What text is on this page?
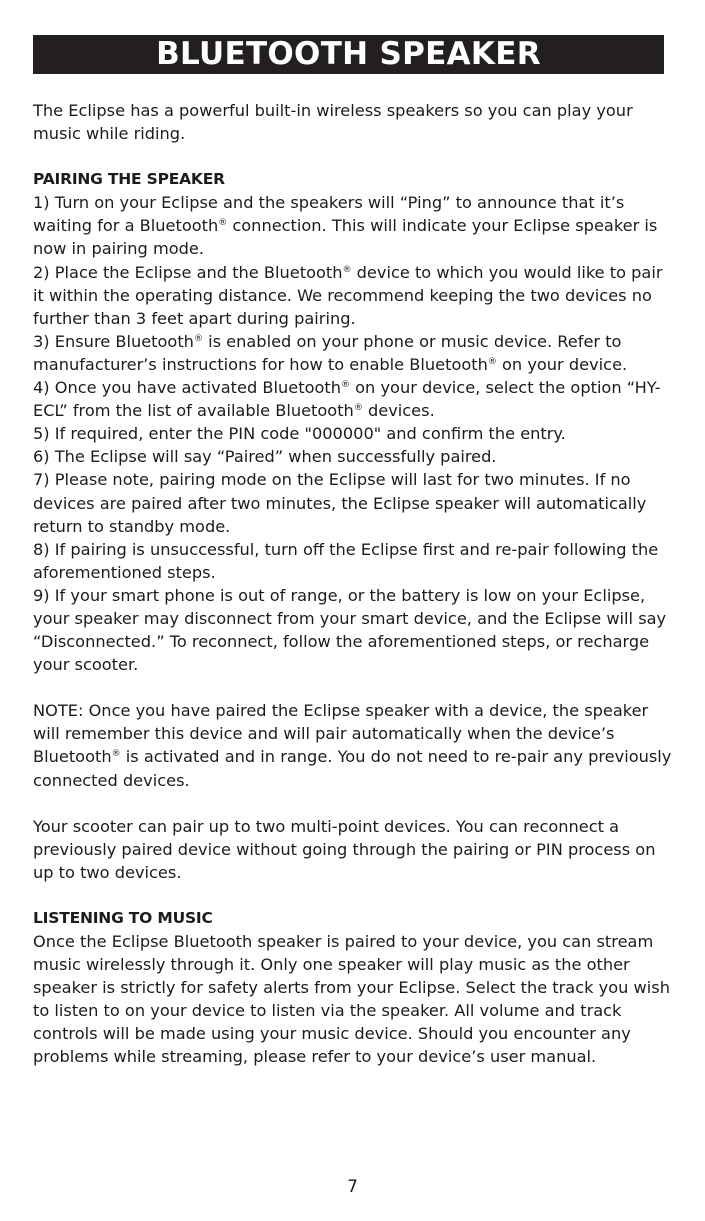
BLUETOOTH SPEAKER

The Eclipse has a powerful built-in wireless speakers so you can play your music while riding.

PAIRING THE SPEAKER

1) Turn on your Eclipse and the speakers will “Ping” to announce that it’s waiting for a Bluetooth® connection. This will indicate your Eclipse speaker is now in pairing mode.

2) Place the Eclipse and the Bluetooth® device to which you would like to pair it within the operating distance. We recommend keeping the two devices no further than 3 feet apart during pairing.

3) Ensure Bluetooth® is enabled on your phone or music device. Refer to manufacturer’s instructions for how to enable Bluetooth® on your device.

4) Once you have activated Bluetooth® on your device, select the option “HY-ECL” from the list of available Bluetooth® devices.

5) If required, enter the PIN code "000000" and confirm the entry.

6) The Eclipse will say “Paired” when successfully paired.

7) Please note, pairing mode on the Eclipse will last for two minutes. If no devices are paired after two minutes, the Eclipse speaker will automatically return to standby mode.

8) If pairing is unsuccessful, turn off the Eclipse first and re-pair following the aforementioned steps.

9) If your smart phone is out of range, or the battery is low on your Eclipse, your speaker may disconnect from your smart device, and the Eclipse will say “Disconnected.” To reconnect, follow the aforementioned steps, or recharge your scooter.

NOTE: Once you have paired the Eclipse speaker with a device, the speaker will remember this device and will pair automatically when the device’s Bluetooth® is activated and in range. You do not need to re-pair any previously connected devices.

Your scooter can pair up to two multi-point devices. You can reconnect a previously paired device without going through the pairing or PIN process on up to two devices.

LISTENING TO MUSIC

Once the Eclipse Bluetooth speaker is paired to your device, you can stream music wirelessly through it. Only one speaker will play music as the other speaker is strictly for safety alerts from your Eclipse. Select the track you wish to listen to on your device to listen via the speaker. All volume and track controls will be made using your music device. Should you encounter any problems while streaming, please refer to your device’s user manual.

7
